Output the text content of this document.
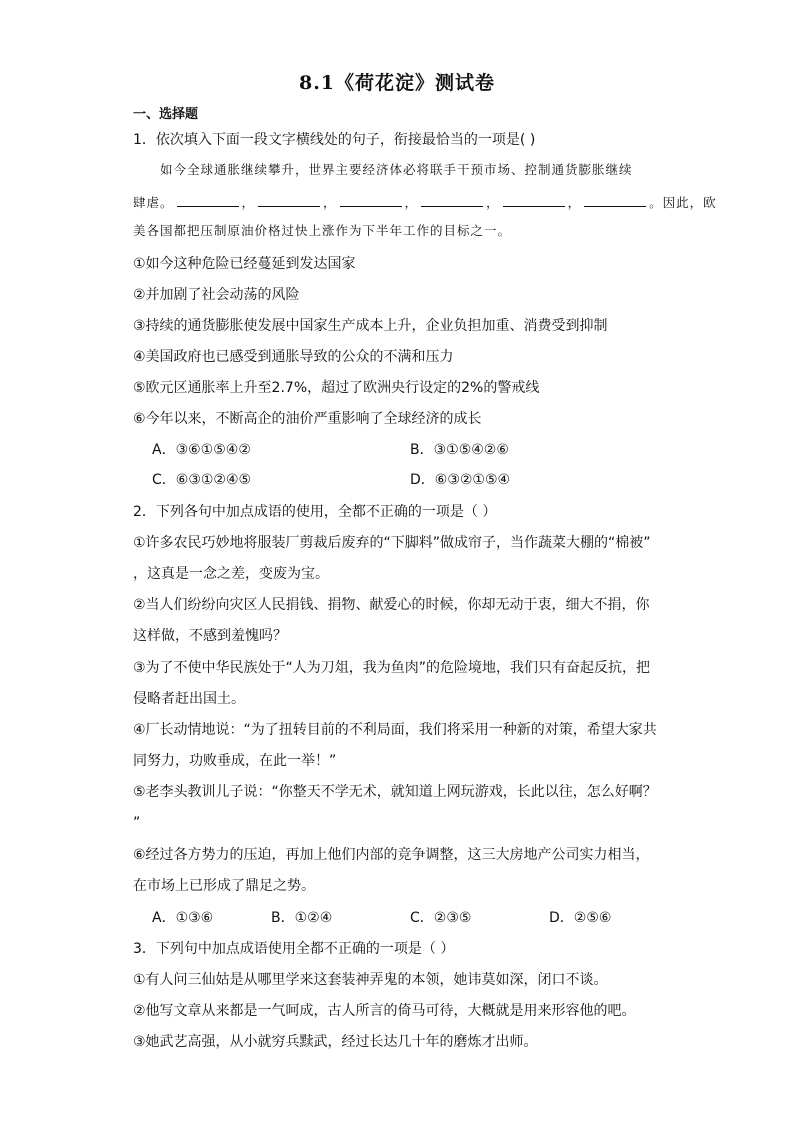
8.1《荷花淀》测试卷
一、选择题
1．依次填入下面一段文字横线处的句子，衔接最恰当的一项是( )
如今全球通胀继续攀升，世界主要经济体必将联手干预市场、控制通货膨胀继续
肆虐。	，	，	，	，	，	。因此，欧
美各国都把压制原油价格过快上涨作为下半年工作的目标之一。
①如今这种危险已经蔓延到发达国家
②并加剧了社会动荡的风险
③持续的通货膨胀使发展中国家生产成本上升，企业负担加重、消费受到抑制
④美国政府也已感受到通胀导致的公众的不满和压力
⑤欧元区通胀率上升至2.7%，超过了欧洲央行设定的2%的警戒线
⑥今年以来，不断高企的油价严重影响了全球经济的成长
A．③⑥①⑤④②	B．③①⑤④②⑥
C．⑥③①②④⑤	D．⑥③②①⑤④
2．下列各句中加点成语的使用，全都不正确的一项是（ ）
①许多农民巧妙地将服装厂剪裁后废弃的“下脚料”做成帘子，当作蔬菜大棚的“棉被”
，这真是一念之差，变废为宝。
②当人们纷纷向灾区人民捐钱、捐物、献爱心的时候，你却无动于衷，细大不捐，你
这样做，不感到羞愧吗？
③为了不使中华民族处于“人为刀俎，我为鱼肉”的危险境地，我们只有奋起反抗，把
侵略者赶出国土。
④厂长动情地说：“为了扭转目前的不利局面，我们将采用一种新的对策，希望大家共
同努力，功败垂成，在此一举！”
⑤老李头教训儿子说：“你整天不学无术，就知道上网玩游戏，长此以往，怎么好啊？
”
⑥经过各方势力的压迫，再加上他们内部的竞争调整，这三大房地产公司实力相当，
在市场上已形成了鼎足之势。
A．①③⑥	B．①②④	C．②③⑤	D．②⑤⑥
3．下列句中加点成语使用全都不正确的一项是（ ）
①有人问三仙姑是从哪里学来这套装神弄鬼的本领，她讳莫如深，闭口不谈。
②他写文章从来都是一气呵成，古人所言的倚马可待，大概就是用来形容他的吧。
③她武艺高强，从小就穷兵黩武，经过长达几十年的磨炼才出师。
